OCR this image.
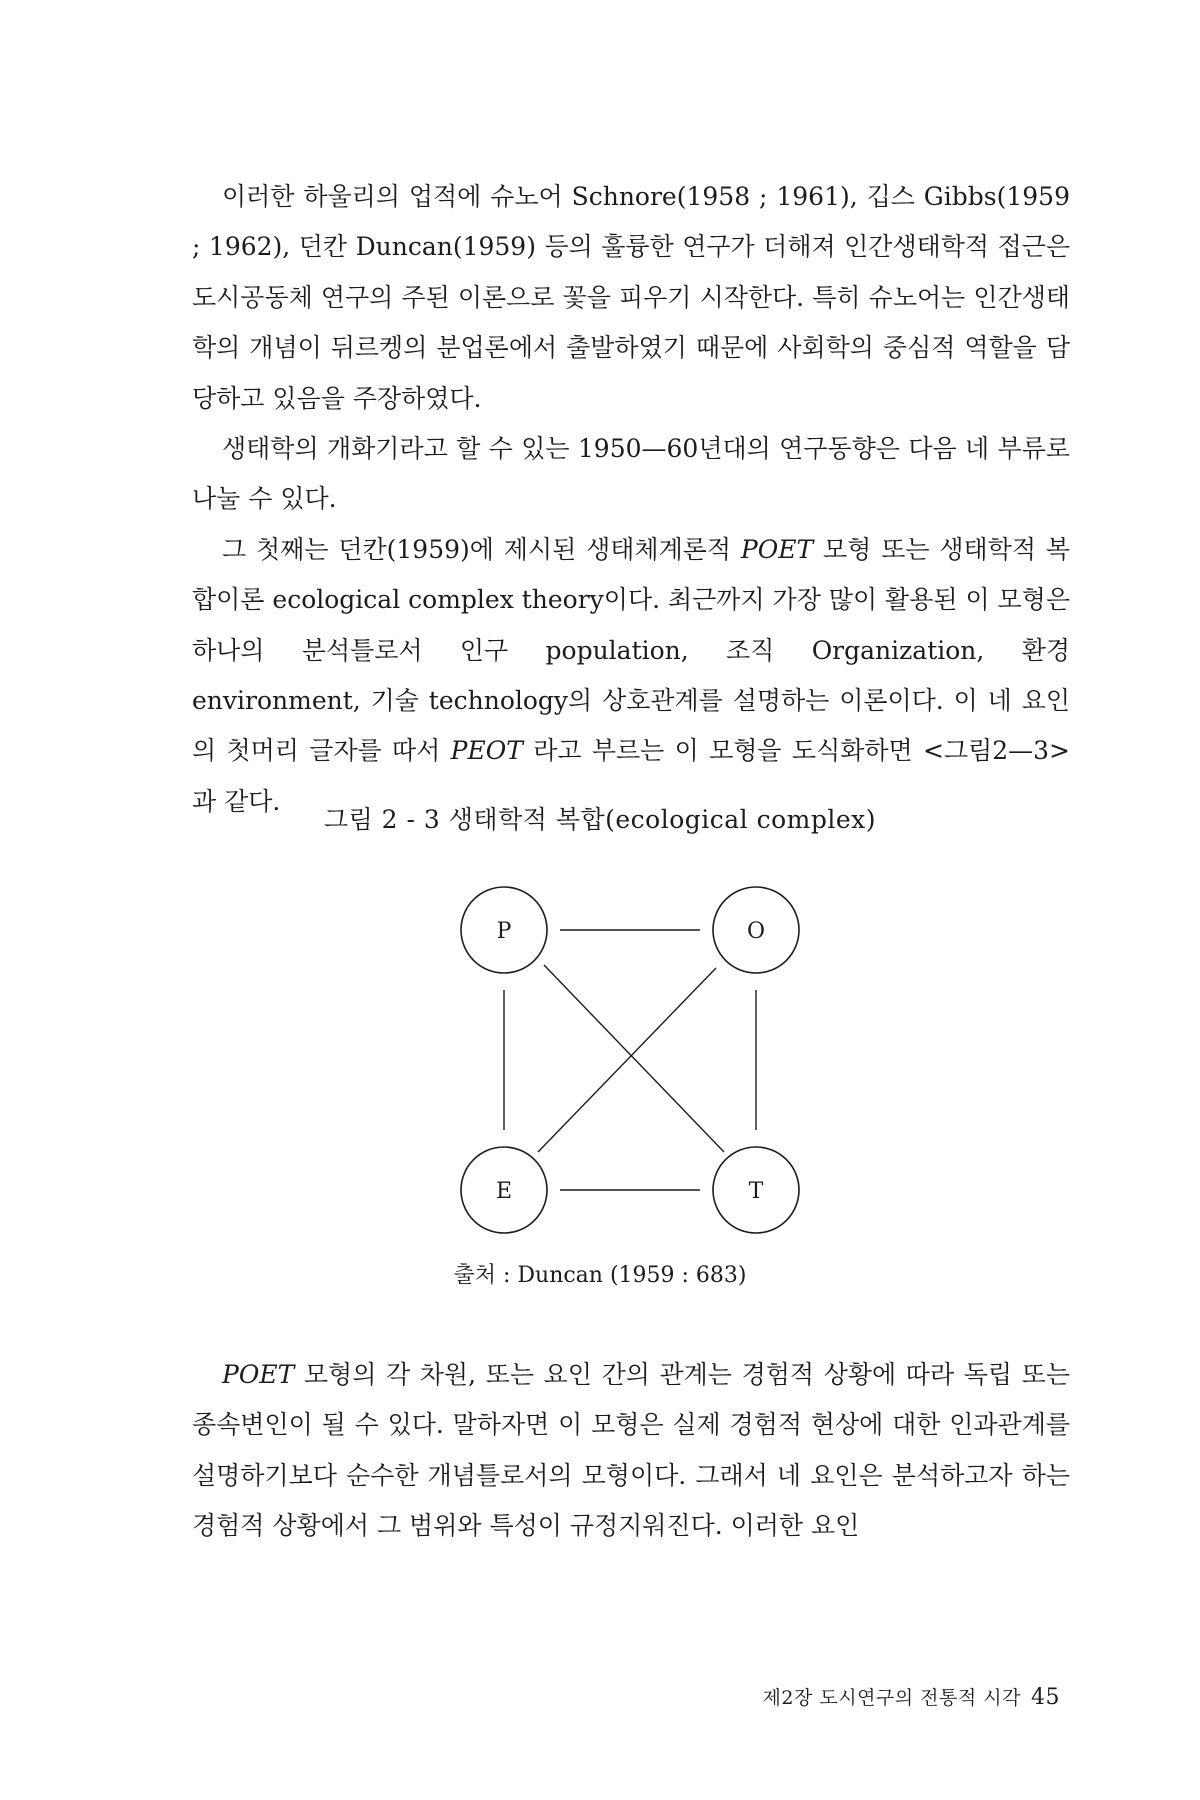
이러한 하울리의 업적에 슈노어 Schnore(1958 ; 1961), 깁스 Gibbs(1959 ; 1962), 던칸 Duncan(1959) 등의 훌륭한 연구가 더해져 인간생태학적 접근은 도시공동체 연구의 주된 이론으로 꽃을 피우기 시작한다. 특히 슈노어는 인간생태학의 개념이 뒤르켕의 분업론에서 출발하였기 때문에 사회학의 중심적 역할을 담당하고 있음을 주장하였다.

생태학의 개화기라고 할 수 있는 1950—60년대의 연구동향은 다음 네 부류로 나눌 수 있다.

그 첫째는 던칸(1959)에 제시된 생태체계론적 POET 모형 또는 생태학적 복합이론 ecological complex theory이다. 최근까지 가장 많이 활용된 이 모형은 하나의 분석틀로서 인구 population, 조직 Organization, 환경 environment, 기술 technology의 상호관계를 설명하는 이론이다. 이 네 요인의 첫머리 글자를 따서 PEOT 라고 부르는 이 모형을 도식화하면 <그림2—3>과 같다.

그림 2 - 3 생태학적 복합(ecological complex)
P	O
E	T
출처 : Duncan (1959 : 683)

POET 모형의 각 차원, 또는 요인 간의 관계는 경험적 상황에 따라 독립 또는 종속변인이 될 수 있다. 말하자면 이 모형은 실제 경험적 현상에 대한 인과관계를 설명하기보다 순수한 개념틀로서의 모형이다. 그래서 네 요인은 분석하고자 하는 경험적 상황에서 그 범위와 특성이 규정지워진다. 이러한 요인

제2장 도시연구의 전통적 시각 45
